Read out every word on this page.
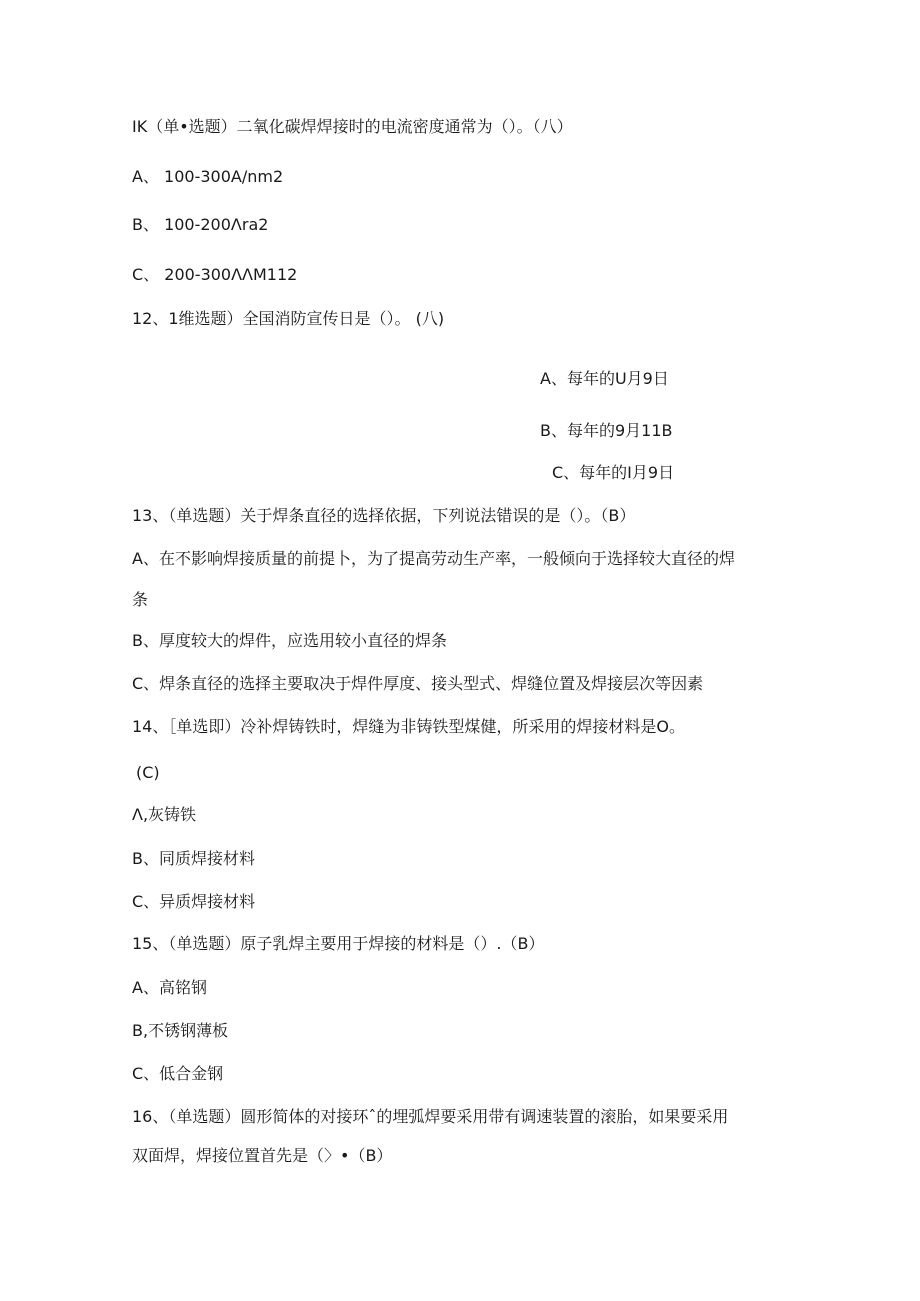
IK（单•选题）二氧化碳焊焊接时的电流密度通常为（）。（八）
A、 100-300A/nm2
B、 100-200Λra2
C、 200-300ΛΛM112
12、1维选题）全国消防宣传日是（）。 (八)
A、每年的U月9日
B、每年的9月11B
C、每年的I月9日
13、（单选题）关于焊条直径的选择依据，下列说法错误的是（）。（B）
A、在不影响焊接质量的前提卜，为了提高劳动生产率，一般倾向于选择较大直径的焊
条
B、厚度较大的焊件，应选用较小直径的焊条
C、焊条直径的选择主要取决于焊件厚度、接头型式、焊缝位置及焊接层次等因素
14、［单选即）冷补焊铸铁时，焊缝为非铸铁型煤健，所采用的焊接材料是O。
(C)
Λ,灰铸铁
B、同质焊接材料
C、异质焊接材料
15、（单选题）原子乳焊主要用于焊接的材料是（）.（B）
A、高铭钢
B,不锈钢薄板
C、低合金钢
16、（单选题）圆形简体的对接环ˆ的埋弧焊要采用带有调速装置的滚胎，如果要采用
双面焊，焊接位置首先是（〉•（B）
